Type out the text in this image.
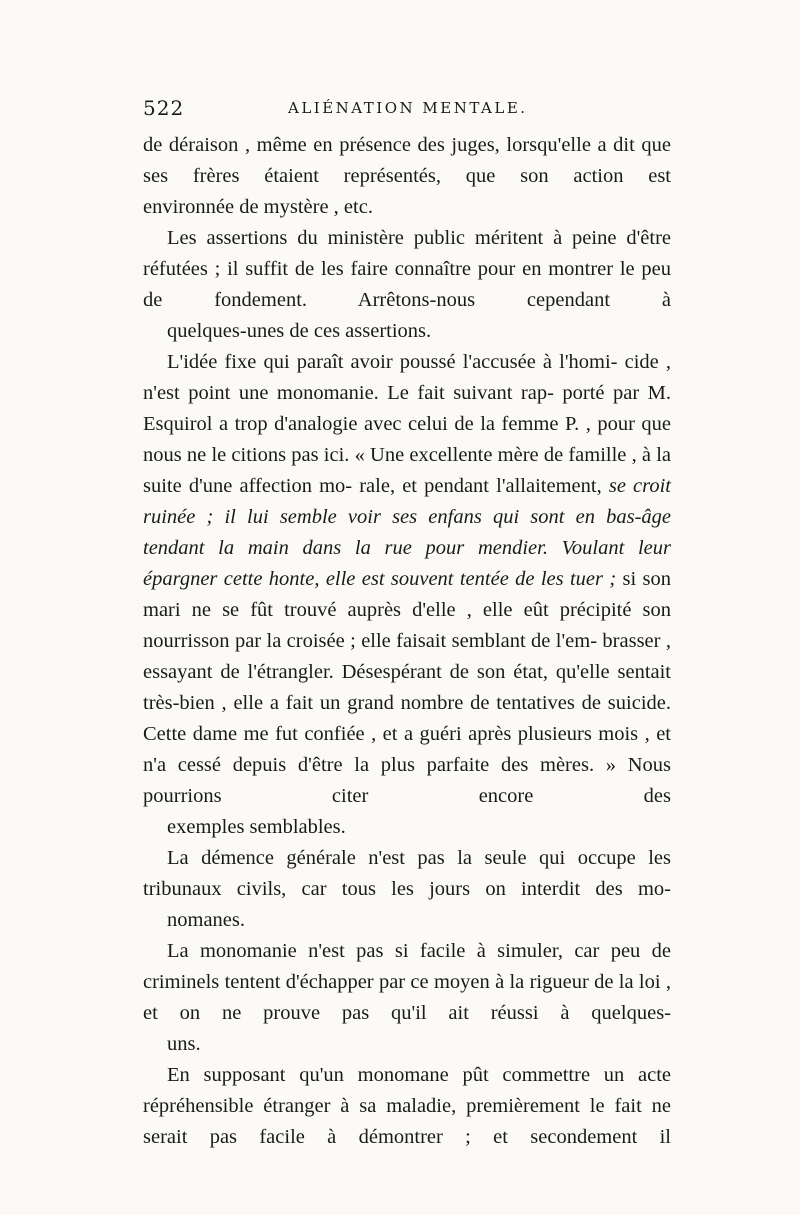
522	ALIÉNATION MENTALE.

de déraison , même en présence des juges, lorsqu'elle a dit que ses frères étaient représentés, que son action est
environnée de mystère , etc.

Les assertions du ministère public méritent à peine d'être réfutées ; il suffit de les faire connaître pour en montrer le peu de fondement. Arrêtons-nous cependant à
quelques-unes de ces assertions.

L'idée fixe qui paraît avoir poussé l'accusée à l'homi- cide , n'est point une monomanie. Le fait suivant rap- porté par M. Esquirol a trop d'analogie avec celui de la femme P. , pour que nous ne le citions pas ici. « Une excellente mère de famille , à la suite d'une affection mo- rale, et pendant l'allaitement, se croit ruinée ; il lui semble voir ses enfans qui sont en bas-âge tendant la main dans la rue pour mendier. Voulant leur épargner cette honte, elle est souvent tentée de les tuer ; si son mari ne se fût trouvé auprès d'elle , elle eût précipité son nourrisson par la croisée ; elle faisait semblant de l'em- brasser , essayant de l'étrangler. Désespérant de son état, qu'elle sentait très-bien , elle a fait un grand nombre de tentatives de suicide. Cette dame me fut confiée , et a guéri après plusieurs mois , et n'a cessé depuis d'être la plus parfaite des mères. » Nous pourrions citer encore des
exemples semblables.

La démence générale n'est pas la seule qui occupe les tribunaux civils, car tous les jours on interdit des mo-
nomanes.

La monomanie n'est pas si facile à simuler, car peu de criminels tentent d'échapper par ce moyen à la rigueur de la loi , et on ne prouve pas qu'il ait réussi à quelques-
uns.

En supposant qu'un monomane pût commettre un acte répréhensible étranger à sa maladie, premièrement le fait ne serait pas facile à démontrer ; et secondement il
